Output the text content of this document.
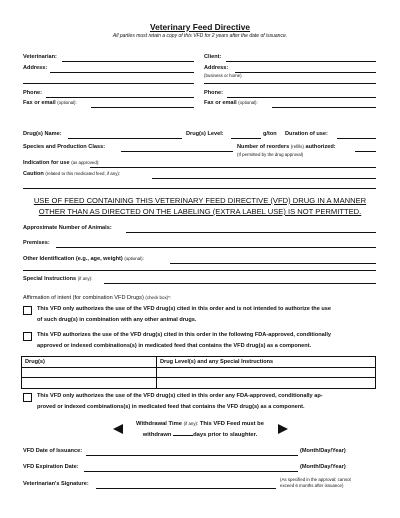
Veterinary Feed Directive
All parties must retain a copy of this VFD for 2 years after the date of issuance.
Veterinarian:
Address:
Phone:
Fax or email (optional):
Client:
Address:
(business or home)
Phone:
Fax or email (optional):
Drug(s) Name:	Drug(s) Level:	g/ton Duration of use:
Species and Production Class:	Number of reorders (refills) authorized:
(If permitted by the drug approval)
Indication for use (as approved):
Caution (related to this medicated feed, if any):
USE OF FEED CONTAINING THIS VETERINARY FEED DIRECTIVE (VFD) DRUG IN A MANNER
OTHER THAN AS DIRECTED ON THE LABELING (EXTRA LABEL USE) IS NOT PERMITTED.
Approximate Number of Animals:
Premises:
Other Identification (e.g., age, weight) (optional):
Special Instructions (if any):
Affirmation of intent (for combination VFD Drugs) (check box)*:
This VFD only authorizes the use of the VFD drug(s) cited in this order and is not intended to authorize the use
of such drug(s) in combination with any other animal drugs.
This VFD authorizes the use of the VFD drug(s) cited in this order in the following FDA-approved, conditionally
approved or indexed combinations(s) in medicated feed that contains the VFD drug(s) as a component.
Drug(s)	Drug Level(s) and any Special Instructions

This VFD only authorizes the use of the VFD drug(s) cited in this order any FDA-approved, conditionally ap-
proved or indexed combinations(s) in medicated feed that contains the VFD drug(s) as a component.
Withdrawal Time (if any): This VFD Feed must be
withdrawn	days prior to slaughter.
VFD Date of Issuance:	(Month/Day/Year)
VFD Expiration Date:	(Month/Day/Year)
Veterinarian's Signature:
(As specified in the approval; cannot
exceed 6 months after issuance)
